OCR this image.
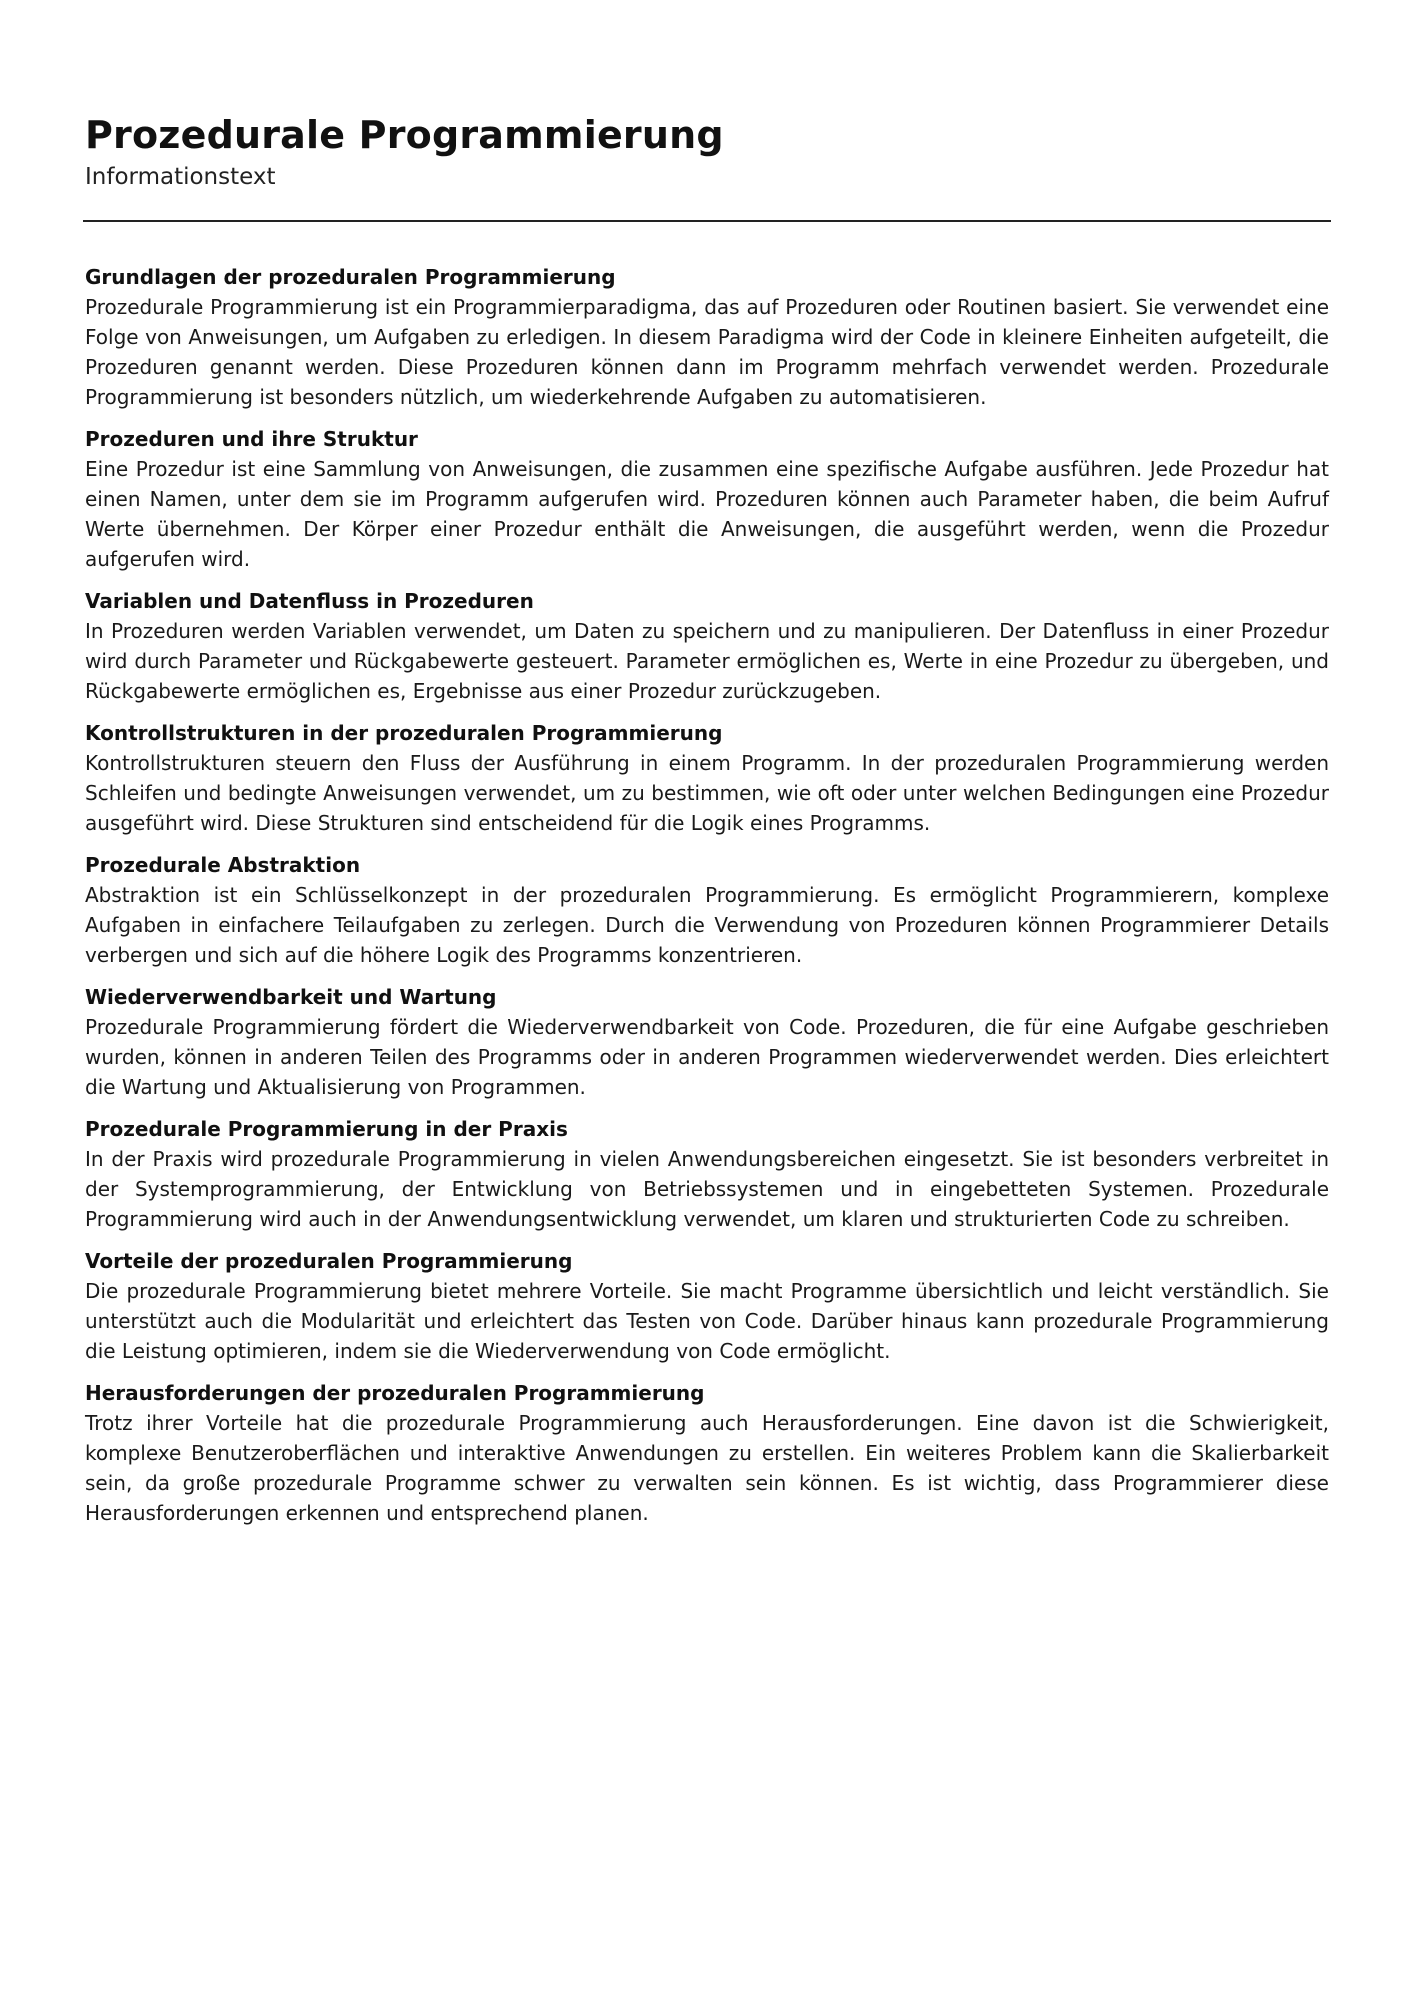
Prozedurale Programmierung

Informationstext

Grundlagen der prozeduralen Programmierung

Prozedurale Programmierung ist ein Programmierparadigma, das auf Prozeduren oder Routinen basiert. Sie verwendet eine Folge von Anweisungen, um Aufgaben zu erledigen. In diesem Paradigma wird der Code in kleinere Einheiten aufgeteilt, die Prozeduren genannt werden. Diese Prozeduren können dann im Programm mehrfach verwendet werden. Prozedurale Programmierung ist besonders nützlich, um wiederkehrende Aufgaben zu automatisieren.

Prozeduren und ihre Struktur

Eine Prozedur ist eine Sammlung von Anweisungen, die zusammen eine spezifische Aufgabe ausführen. Jede Prozedur hat einen Namen, unter dem sie im Programm aufgerufen wird. Prozeduren können auch Parameter haben, die beim Aufruf Werte übernehmen. Der Körper einer Prozedur enthält die Anweisungen, die ausgeführt werden, wenn die Prozedur aufgerufen wird.

Variablen und Datenfluss in Prozeduren

In Prozeduren werden Variablen verwendet, um Daten zu speichern und zu manipulieren. Der Datenfluss in einer Prozedur wird durch Parameter und Rückgabewerte gesteuert. Parameter ermöglichen es, Werte in eine Prozedur zu übergeben, und Rückgabewerte ermöglichen es, Ergebnisse aus einer Prozedur zurückzugeben.

Kontrollstrukturen in der prozeduralen Programmierung

Kontrollstrukturen steuern den Fluss der Ausführung in einem Programm. In der prozeduralen Programmierung werden Schleifen und bedingte Anweisungen verwendet, um zu bestimmen, wie oft oder unter welchen Bedingungen eine Prozedur ausgeführt wird. Diese Strukturen sind entscheidend für die Logik eines Programms.

Prozedurale Abstraktion

Abstraktion ist ein Schlüsselkonzept in der prozeduralen Programmierung. Es ermöglicht Programmierern, komplexe Aufgaben in einfachere Teilaufgaben zu zerlegen. Durch die Verwendung von Prozeduren können Programmierer Details verbergen und sich auf die höhere Logik des Programms konzentrieren.

Wiederverwendbarkeit und Wartung

Prozedurale Programmierung fördert die Wiederverwendbarkeit von Code. Prozeduren, die für eine Aufgabe geschrieben wurden, können in anderen Teilen des Programms oder in anderen Programmen wiederverwendet werden. Dies erleichtert die Wartung und Aktualisierung von Programmen.

Prozedurale Programmierung in der Praxis

In der Praxis wird prozedurale Programmierung in vielen Anwendungsbereichen eingesetzt. Sie ist besonders verbreitet in der Systemprogrammierung, der Entwicklung von Betriebssystemen und in eingebetteten Systemen. Prozedurale Programmierung wird auch in der Anwendungsentwicklung verwendet, um klaren und strukturierten Code zu schreiben.

Vorteile der prozeduralen Programmierung

Die prozedurale Programmierung bietet mehrere Vorteile. Sie macht Programme übersichtlich und leicht verständlich. Sie unterstützt auch die Modularität und erleichtert das Testen von Code. Darüber hinaus kann prozedurale Programmierung die Leistung optimieren, indem sie die Wiederverwendung von Code ermöglicht.

Herausforderungen der prozeduralen Programmierung

Trotz ihrer Vorteile hat die prozedurale Programmierung auch Herausforderungen. Eine davon ist die Schwierigkeit, komplexe Benutzeroberflächen und interaktive Anwendungen zu erstellen. Ein weiteres Problem kann die Skalierbarkeit sein, da große prozedurale Programme schwer zu verwalten sein können. Es ist wichtig, dass Programmierer diese Herausforderungen erkennen und entsprechend planen.
